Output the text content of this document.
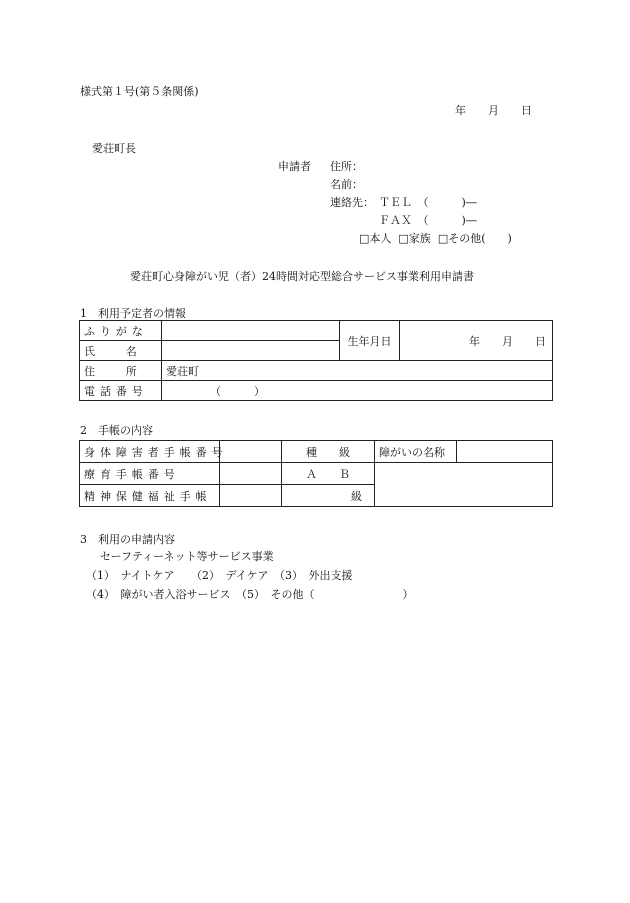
様式第１号(第５条関係)
年　　月　　日
愛荘町長
申請者 住所：
名前：
連絡先： ＴＥＬ　（　　　)―
ＦＡＸ　（　　　)―
□本人 □家族 □その他(　　)
愛荘町心身障がい児（者）24時間対応型総合サービス事業利用申請書
1　利用予定者の情報
ふりがな		生年月日	年　　月　　日
氏　名			
住　所	愛荘町		
電話番号	（　　　）		
2　手帳の内容
身体障害者手帳番号		種　　級	障がいの名称	
療育手帳番号		Ａ　　Ｂ		
精神保健福祉手帳		級		
3　利用の申請内容
セーフティーネット等サービス事業
（1）　ナイトケア　　（2）　デイケア　（3）　外出支援
（4）　障がい者入浴サービス　（5）　その他（　　　　　　　　）
